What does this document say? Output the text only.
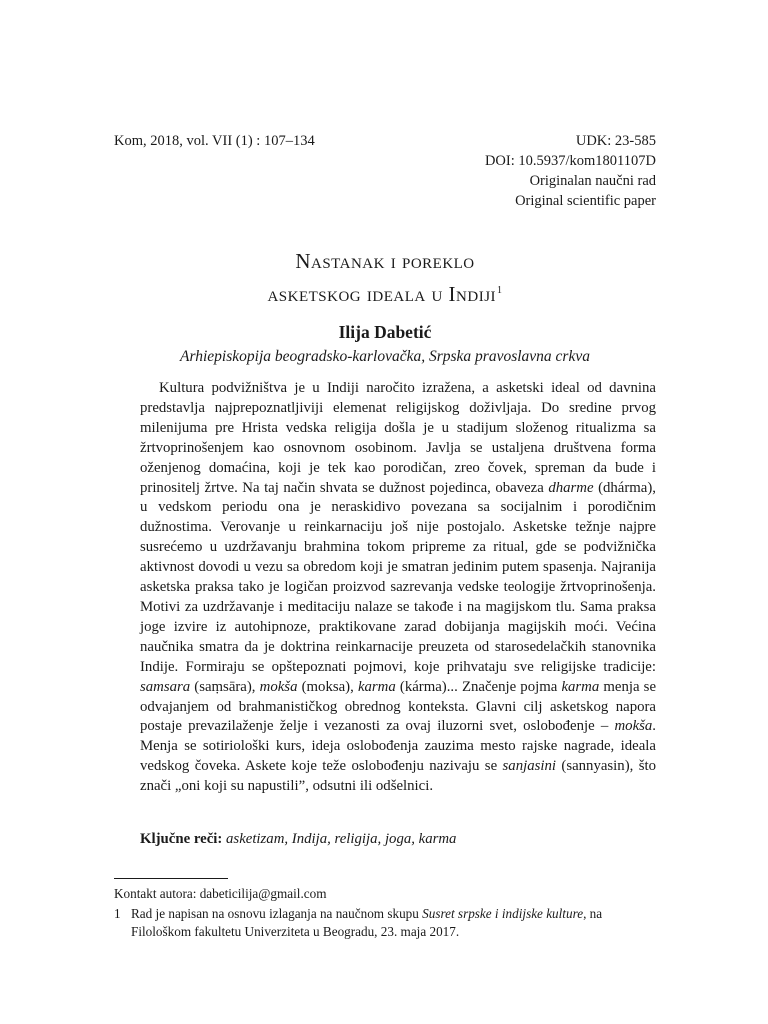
Kom, 2018, vol. VII (1) : 107–134	UDK: 23-585
DOI: 10.5937/kom1801107D
Originalan naučni rad
Original scientific paper
Nastanak i poreklo
asketskog ideala u Indiji$^1$
Ilija Dabetić
Arhiepiskopija beogradsko-karlovačka, Srpska pravoslavna crkva
Kultura podvižništva je u Indiji naročito izražena, a asketski ideal od davnina predstavlja najprepoznatljiviji elemenat religijskog doživljaja. Do sredine prvog milenijuma pre Hrista vedska religija došla je u stadijum složenog ritualizma sa žrtvoprinošenjem kao osnovnom osobinom. Javlja se ustaljena društvena forma oženjenog domaćina, koji je tek kao porodičan, zreo čovek, spreman da bude i prinositelj žrtve. Na taj način shvata se dužnost pojedinca, obaveza dharme (dhárma), u vedskom periodu ona je neraskidivo povezana sa socijalnim i porodičnim dužnostima. Verovanje u reinkarnaciju još nije postojalo. Asketske težnje najpre susrećemo u uzdržavanju brahmina tokom pripreme za ritual, gde se podvižnička aktivnost dovodi u vezu sa obredom koji je smatran jedinim putem spasenja. Najranija asketska praksa tako je logičan proizvod sazrevanja vedske teologije žrtvoprinošenja. Motivi za uzdržavanje i meditaciju nalaze se takođe i na magijskom tlu. Sama praksa joge izvire iz autohipnoze, praktikovane zarad dobijanja magijskih moći. Većina naučnika smatra da je doktrina reinkarnacije preuzeta od starosedelačkih stanovnika Indije. Formiraju se opštepoznati pojmovi, koje prihvataju sve religijske tradicije: samsara (saṃsāra), mokša (moksa), karma (kárma)... Značenje pojma karma menja se odvajanjem od brahmanističkog obrednog konteksta. Glavni cilj asketskog napora postaje prevazilaženje želje i vezanosti za ovaj iluzorni svet, oslobođenje – mokša. Menja se sotiriološki kurs, ideja oslobođenja zauzima mesto rajske nagrade, ideala vedskog čoveka. Askete koje teže oslobođenju nazivaju se sanjasini (sannyasin), što znači „oni koji su napustili”, odsutni ili odšelnici.
Ključne reči: asketizam, Indija, religija, joga, karma
Kontakt autora: dabeticilija@gmail.com
1 Rad je napisan na osnovu izlaganja na naučnom skupu Susret srpske i indijske kulture, na Filološkom fakultetu Univerziteta u Beogradu, 23. maja 2017.
